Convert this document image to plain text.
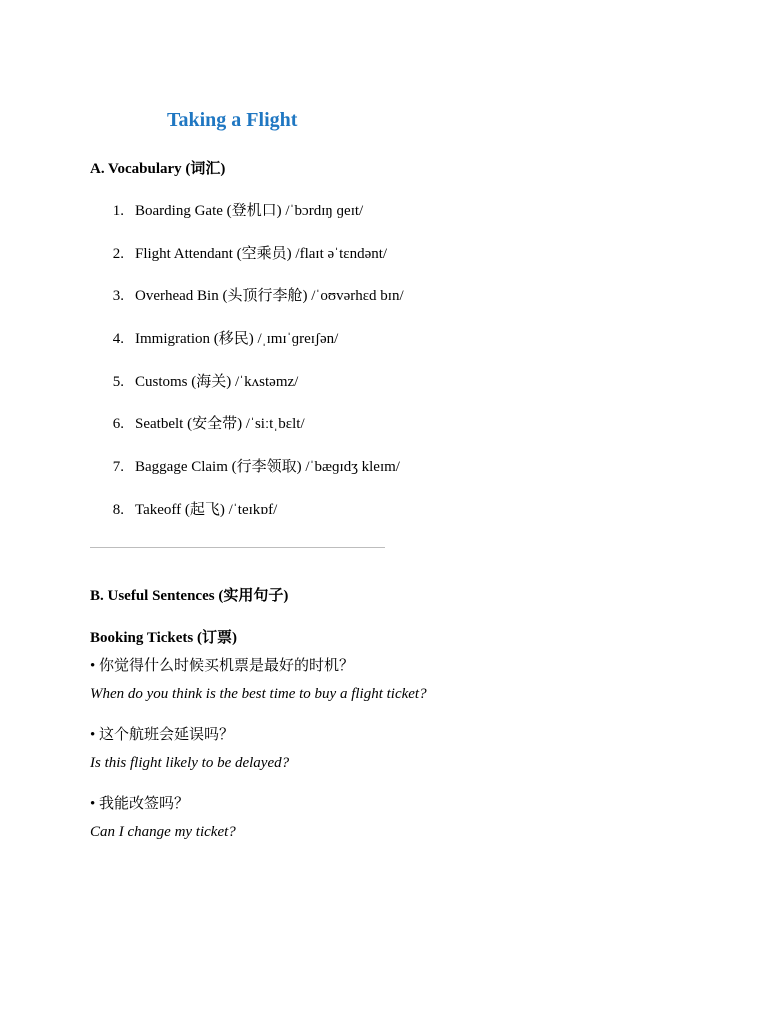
Taking a Flight
A. Vocabulary (词汇)
1. Boarding Gate (登机口) /ˈbɔrdɪŋ ɡeɪt/
2. Flight Attendant (空乘员) /flaɪt əˈtɛndənt/
3. Overhead Bin (头顶行李舱) /ˈoʊvərhɛd bɪn/
4. Immigration (移民) /ˌɪmɪˈɡreɪʃən/
5. Customs (海关) /ˈkʌstəmz/
6. Seatbelt (安全带) /ˈsiːtˌbɛlt/
7. Baggage Claim (行李领取) /ˈbæɡɪdʒ kleɪm/
8. Takeoff (起飞) /ˈteɪkɒf/
B. Useful Sentences (实用句子)
Booking Tickets (订票)
• 你觉得什么时候买机票是最好的时机？
When do you think is the best time to buy a flight ticket?
• 这个航班会延误吗？
Is this flight likely to be delayed?
• 我能改签吗？
Can I change my ticket?
